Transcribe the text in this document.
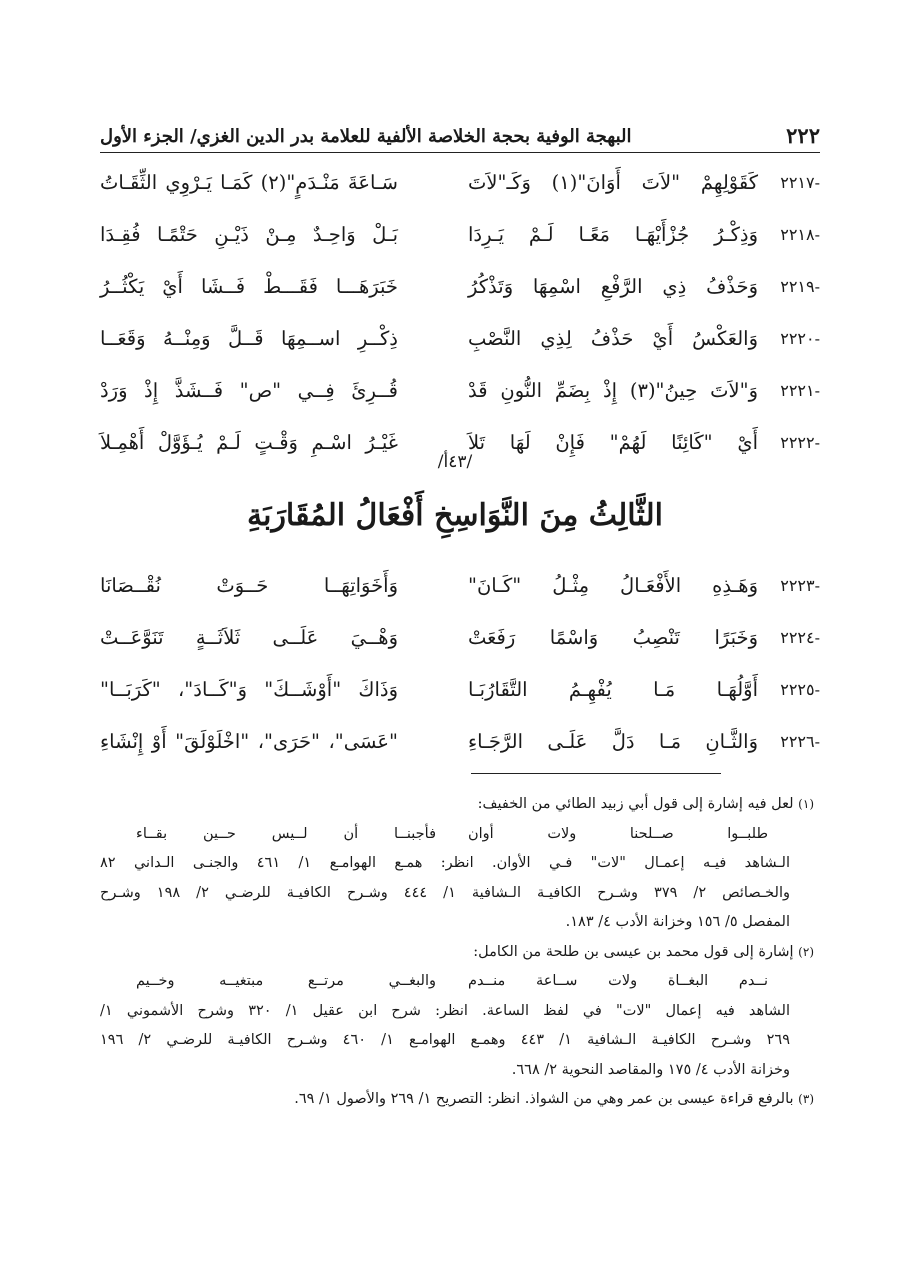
٢٢٢
البهجة الوفية بحجة الخلاصة الألفية للعلامة بدر الدين الغزي/ الجزء الأول
٢٢١٧-
كَقَوْلِهِمْ "لاَتَ أَوَانَ"(١) وَكَـ"لاَتَ
سَـاعَةَ مَنْـدَمٍ"(٢) كَمَـا يَـرْوِي الثِّقَـاتُ
٢٢١٨-
وَذِكْـرُ جُزْأَيْهَـا مَعًـا لَـمْ يَـرِدَا
بَـلْ وَاحِـدٌ مِـنْ ذَيْـنِ حَتْمًـا فُقِـدَا
٢٢١٩-
وَحَذْفُ ذِي الرَّفْعِ اسْمِهَا وَتَذْكُرُ
خَبَرَهَـــا فَقَـــطْ فَــشَا أَيْ يَكْثُــرُ
٢٢٢٠-
وَالعَكْسُ أَيْ حَذْفُ لِذِي النَّصْبِ
ذِكْــرِ اســمِهَا قَــلَّ وَمِنْــهُ وَقَعَــا
٢٢٢١-
وَ"لاَتَ حِينُ"(٣) إِذْ بِضَمِّ النُّونِ قَدْ
قُــرِئَ فِــي "ص" فَــشَذَّ إِذْ وَرَدْ
٢٢٢٢-
أَيْ "كَائِنًا لَهُمْ" فَإِنْ لَهَا تَلاَ
غَيْـرُ اسْـمِ وَقْـتٍ لَـمْ يُـؤَوَّلْ أَهْمِـلاَ
/٤٣أ/
الثَّالِثُ مِنَ النَّوَاسِخِ أَفْعَالُ المُقَارَبَةِ
٢٢٢٣-
وَهَـذِهِ الأَفْعَـالُ مِثْـلُ "كَـانَ"
وَأَخَوَاتِهَــا حَــوَتْ نُقْــصَانَا
٢٢٢٤-
وَخَبَرًا تَنْصِبُ وَاسْمًا رَفَعَتْ
وَهْــيَ عَلَــى ثَلاَثَــةٍ تَنَوَّعَــتْ
٢٢٢٥-
أَوَّلُهَـا مَـا يُفْهِـمُ التَّقَارُبَـا
وَذَاكَ "أَوْشَــكَ" وَ"كَــادَ"، "كَرَبَــا"
٢٢٢٦-
وَالثَّـانِ مَـا دَلَّ عَلَـى الرَّجَـاءِ
"عَسَى"، "حَرَى"، "اخْلَوْلَقَ" أَوْ إِنْشَاءِ

(١) لعل فيه إشارة إلى قول أبي زبيد الطائي من الخفيف:

طلبــوا صــلحنا ولات أوان
فأجبنــا أن لــيس حــين بقــاء

الـشاهد فيـه إعمـال "لات" فـي الأوان. انظر: همـع الهوامـع ١/ ٤٦١ والجنـى الـداني ٨٢

والخـصائص ٢/ ٣٧٩ وشـرح الكافيـة الـشافية ١/ ٤٤٤ وشـرح الكافيـة للرضـي ٢/ ١٩٨ وشـرح

المفصل ٥/ ١٥٦ وخزانة الأدب ٤/ ١٨٣.

(٢) إشارة إلى قول محمد بن عيسى بن طلحة من الكامل:

نــدم البغــاة ولات ســاعة منــدم
والبغــي مرتــع مبتغيــه وخــيم

الشاهد فيه إعمال "لات" في لفظ الساعة. انظر: شرح ابن عقيل ١/ ٣٢٠ وشرح الأشموني ١/

٢٦٩ وشـرح الكافيـة الـشافية ١/ ٤٤٣ وهمـع الهوامـع ١/ ٤٦٠ وشـرح الكافيـة للرضـي ٢/ ١٩٦

وخزانة الأدب ٤/ ١٧٥ والمقاصد النحوية ٢/ ٦٦٨.

(٣) بالرفع قراءة عيسى بن عمر وهي من الشواذ. انظر: التصريح ١/ ٢٦٩ والأصول ١/ ٦٩.
